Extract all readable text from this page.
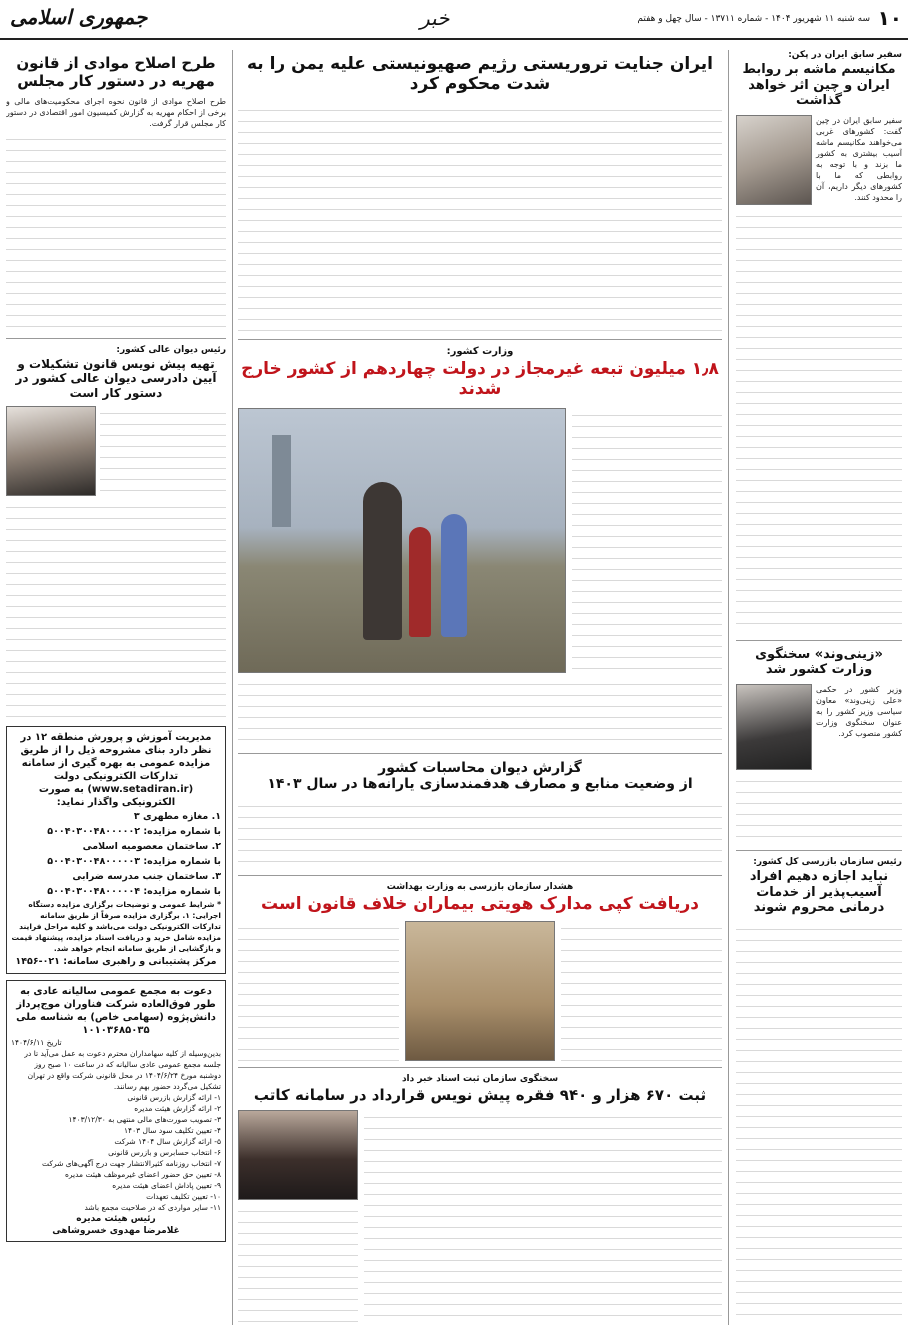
۱۰
سه شنبه ۱۱ شهریور ۱۴۰۴ - شماره ۱۳۷۱۱ - سال چهل و هفتم
خبر
جمهوری اسلامی
سفیر سابق ایران در پکن:
مکانیسم ماشه بر روابط ایران و چین اثر خواهد گذاشت
سفیر سابق ایران در چین گفت: کشورهای غربی می‌خواهند مکانیسم ماشه آسیب بیشتری به کشور ما بزند و با توجه به روابطی که ما با کشورهای دیگر داریم، آن را محدود کنند.
«زینی‌وند» سخنگوی وزارت کشور شد
وزیر کشور در حکمی «علی زینی‌وند» معاون سیاسی وزیر کشور را به عنوان سخنگوی وزارت کشور منصوب کرد.
رئیس سازمان بازرسی کل کشور:
نباید اجازه دهیم افراد آسیب‌پذیر از خدمات درمانی محروم شوند
ایران جنایت تروریستی رژیم صهیونیستی علیه یمن را به شدت محکوم کرد
وزارت کشور:
۱٫۸ میلیون تبعه غیرمجاز در دولت چهاردهم از کشور خارج شدند
گزارش دیوان محاسبات کشور
از وضعیت منابع و مصارف هدفمندسازی یارانه‌ها در سال ۱۴۰۳
هشدار سازمان بازرسی به وزارت بهداشت
دریافت کپی مدارک هویتی بیماران خلاف قانون است
سخنگوی سازمان ثبت اسناد خبر داد
ثبت ۶۷۰ هزار و ۹۴۰ فقره پیش نویس قرارداد در سامانه کاتب
طرح اصلاح موادی از قانون مهریه در دستور کار مجلس
طرح اصلاح موادی از قانون نحوه اجرای محکومیت‌های مالی و برخی از احکام مهریه به گزارش کمیسیون امور اقتصادی در دستور کار مجلس قرار گرفت.
رئیس دیوان عالی کشور:
تهیه پیش نویس قانون تشکیلات و آیین دادرسی دیوان عالی کشور در دستور کار است
مدیریت آموزش و پرورش منطقه ۱۲ در نظر دارد بنای مشروحه ذیل را از طریق مزایده عمومی به بهره گیری از سامانه تدارکات الکترونیکی دولت (www.setadiran.ir) به صورت الکترونیکی واگذار نماید:
۱. مغازه مطهری ۳
با شماره مزایده: ۵۰۰۴۰۳۰۰۴۸۰۰۰۰۰۲
۲. ساختمان معصومیه اسلامی
با شماره مزایده: ۵۰۰۴۰۳۰۰۴۸۰۰۰۰۰۳
۳. ساختمان جنب مدرسه ضرابی
با شماره مزایده: ۵۰۰۴۰۳۰۰۴۸۰۰۰۰۰۴
* شرایط عمومی و توضیحات برگزاری مزایده دستگاه اجرایی: ۱. برگزاری مزایده صرفاً از طریق سامانه تدارکات الکترونیکی دولت می‌باشد و کلیه مراحل فرایند مزایده شامل خرید و دریافت اسناد مزایده، پیشنهاد قیمت و بازگشایی از طریق سامانه انجام خواهد شد.
مرکز پشتیبانی و راهبری سامانه: ۰۲۱-۱۴۵۶
دعوت به مجمع عمومی سالیانه عادی به طور فوق‌العاده شرکت فناوران موج‌پرداز دانش‌پژوه (سهامی خاص) به شناسه ملی ۱۰۱۰۳۶۸۵۰۳۵
تاریخ ۱۴۰۴/۶/۱۱
بدین‌وسیله از کلیه سهامداران محترم دعوت به عمل می‌آید تا در جلسه مجمع عمومی عادی سالیانه که در ساعت ۱۰ صبح روز دوشنبه مورخ ۱۴۰۴/۶/۲۴ در محل قانونی شرکت واقع در تهران تشکیل می‌گردد حضور بهم رسانند.
۱- ارائه گزارش بازرس قانونی
۲- ارائه گزارش هیئت مدیره
۳- تصویب صورت‌های مالی منتهی به ۱۴۰۳/۱۲/۳۰
۴- تعیین تکلیف سود سال ۱۴۰۳
۵- ارائه گزارش سال ۱۴۰۴ شرکت
۶- انتخاب حسابرس و بازرس قانونی
۷- انتخاب روزنامه کثیرالانتشار جهت درج آگهی‌های شرکت
۸- تعیین حق حضور اعضای غیرموظف هیئت مدیره
۹- تعیین پاداش اعضای هیئت مدیره
۱۰- تعیین تکلیف تعهدات
۱۱- سایر مواردی که در صلاحیت مجمع باشد
رئیس هیئت مدیره
غلامرضا مهدوی خسروشاهی
